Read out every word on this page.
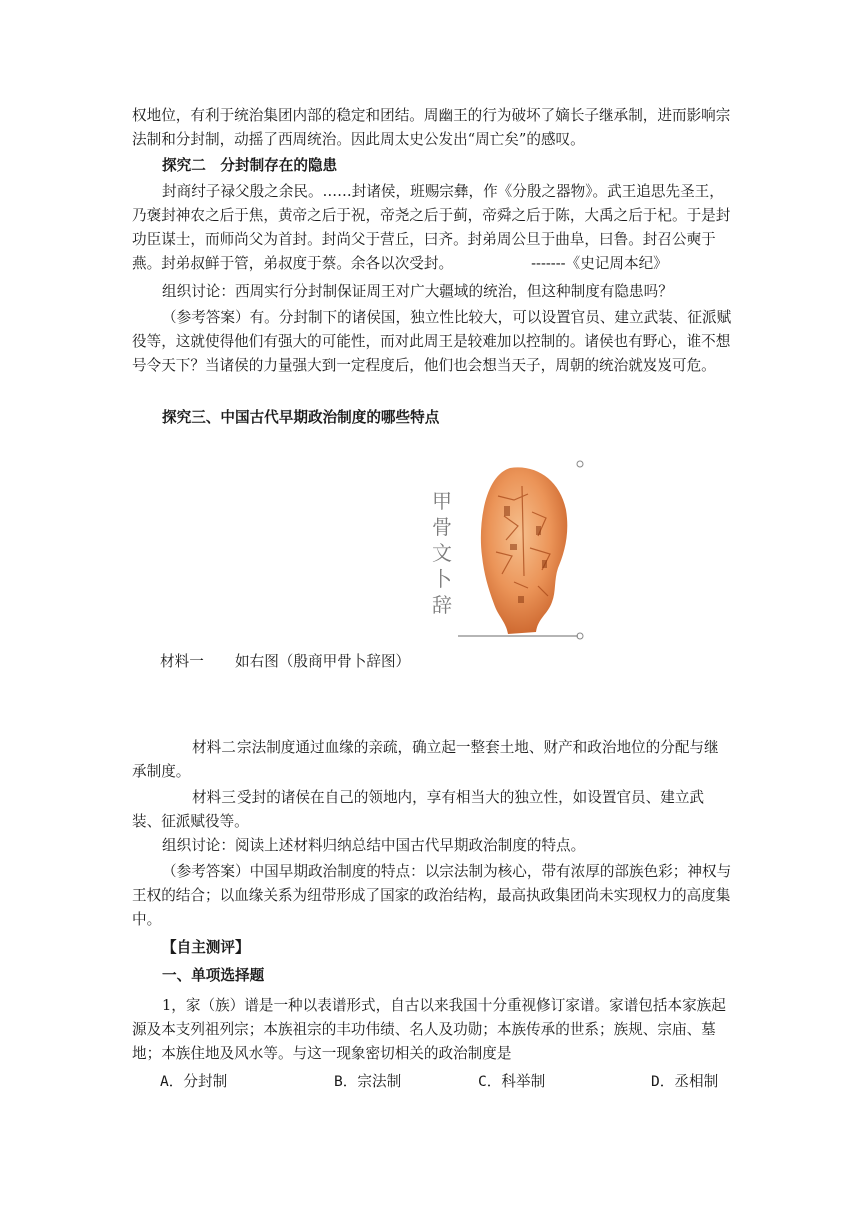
权地位，有利于统治集团内部的稳定和团结。周幽王的行为破坏了嫡长子继承制，进而影响宗法制和分封制，动摇了西周统治。因此周太史公发出“周亡矣”的感叹。

探究二　分封制存在的隐患

封商纣子禄父殷之余民。……封诸侯，班赐宗彝，作《分殷之器物》。武王追思先圣王，乃褒封神农之后于焦，黄帝之后于祝，帝尧之后于蓟，帝舜之后于陈，大禹之后于杞。于是封功臣谋士，而师尚父为首封。封尚父于营丘，曰齐。封弟周公旦于曲阜，曰鲁。封召公奭于燕。封弟叔鲜于管，弟叔度于蔡。余各以次受封。	-------《史记周本纪》

组织讨论：西周实行分封制保证周王对广大疆域的统治，但这种制度有隐患吗？

（参考答案）有。分封制下的诸侯国，独立性比较大，可以设置官员、建立武装、征派赋役等，这就使得他们有强大的可能性，而对此周王是较难加以控制的。诸侯也有野心，谁不想号令天下？当诸侯的力量强大到一定程度后，他们也会想当天子，周朝的统治就岌岌可危。

探究三、中国古代早期政治制度的哪些特点

甲
骨
文
卜
辞

材料一 如右图（殷商甲骨卜辞图）

材料二宗法制度通过血缘的亲疏，确立起一整套土地、财产和政治地位的分配与继承制度。

材料三受封的诸侯在自己的领地内，享有相当大的独立性，如设置官员、建立武装、征派赋役等。

组织讨论：阅读上述材料归纳总结中国古代早期政治制度的特点。

（参考答案）中国早期政治制度的特点：以宗法制为核心，带有浓厚的部族色彩；神权与王权的结合；以血缘关系为纽带形成了国家的政治结构，最高执政集团尚未实现权力的高度集中。

【自主测评】

一、单项选择题

1，家（族）谱是一种以表谱形式，自古以来我国十分重视修订家谱。家谱包括本家族起源及本支列祖列宗；本族祖宗的丰功伟绩、名人及功勋；本族传承的世系；族规、宗庙、墓地；本族住地及风水等。与这一现象密切相关的政治制度是

A．分封制	B．宗法制	C．科举制	D．丞相制
